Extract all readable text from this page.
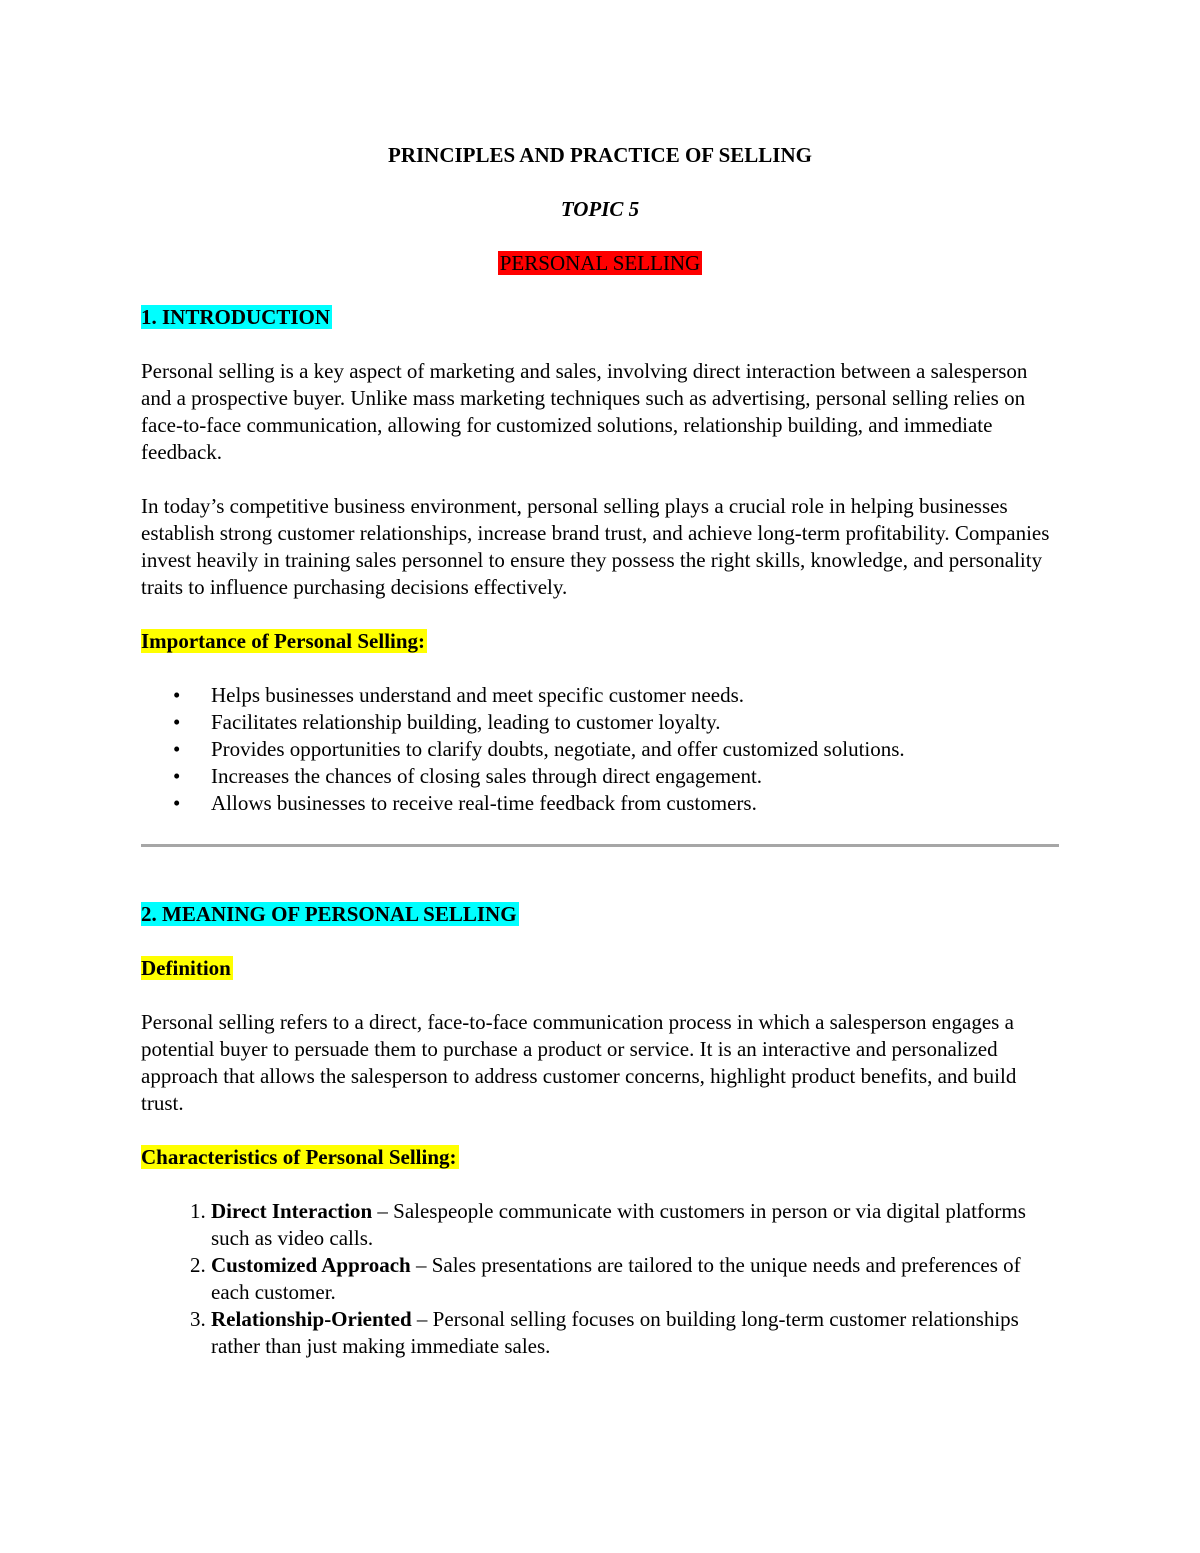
PRINCIPLES AND PRACTICE OF SELLING

TOPIC 5

PERSONAL SELLING

1. INTRODUCTION

Personal selling is a key aspect of marketing and sales, involving direct interaction between a salesperson and a prospective buyer. Unlike mass marketing techniques such as advertising, personal selling relies on face-to-face communication, allowing for customized solutions, relationship building, and immediate feedback.

In today’s competitive business environment, personal selling plays a crucial role in helping businesses establish strong customer relationships, increase brand trust, and achieve long-term profitability. Companies invest heavily in training sales personnel to ensure they possess the right skills, knowledge, and personality traits to influence purchasing decisions effectively.

Importance of Personal Selling:

• Helps businesses understand and meet specific customer needs.
• Facilitates relationship building, leading to customer loyalty.
• Provides opportunities to clarify doubts, negotiate, and offer customized solutions.
• Increases the chances of closing sales through direct engagement.
• Allows businesses to receive real-time feedback from customers.
2. MEANING OF PERSONAL SELLING

Definition

Personal selling refers to a direct, face-to-face communication process in which a salesperson engages a potential buyer to persuade them to purchase a product or service. It is an interactive and personalized approach that allows the salesperson to address customer concerns, highlight product benefits, and build trust.

Characteristics of Personal Selling:

1. Direct Interaction – Salespeople communicate with customers in person or via digital platforms such as video calls.
2. Customized Approach – Sales presentations are tailored to the unique needs and preferences of each customer.
3. Relationship-Oriented – Personal selling focuses on building long-term customer relationships rather than just making immediate sales.
